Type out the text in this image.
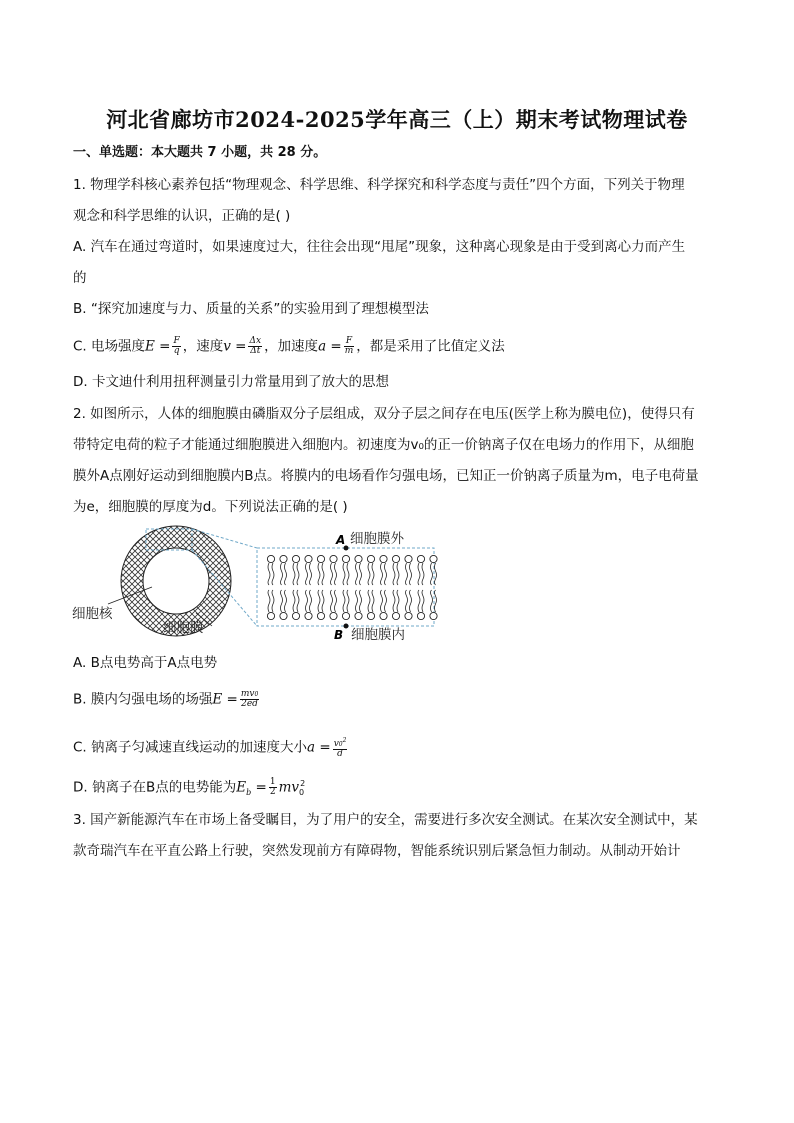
河北省廊坊市2024-2025学年高三（上）期末考试物理试卷
一、单选题：本大题共 7 小题，共 28 分。
1. 物理学科核心素养包括“物理观念、科学思维、科学探究和科学态度与责任”四个方面，下列关于物理
观念和科学思维的认识，正确的是( )
A. 汽车在通过弯道时，如果速度过大，往往会出现“甩尾”现象，这种离心现象是由于受到离心力而产生
的
B. “探究加速度与力、质量的关系”的实验用到了理想模型法
C. 电场强度$E = \frac{F}{q}$ ，速度$v = \frac{\Delta x}{\Delta t}$ ，加速度$a = \frac{F}{m}$ ，都是采用了比值定义法
D. 卡文迪什利用扭秤测量引力常量用到了放大的思想
2. 如图所示，人体的细胞膜由磷脂双分子层组成，双分子层之间存在电压(医学上称为膜电位)，使得只有
带特定电荷的粒子才能通过细胞膜进入细胞内。初速度为v₀的正一价钠离子仅在电场力的作用下，从细胞
膜外A点刚好运动到细胞膜内B点。将膜内的电场看作匀强电场，已知正一价钠离子质量为m，电子电荷量
为e，细胞膜的厚度为d。下列说法正确的是( )
A 细胞膜外
B 细胞膜内
细胞核
细胞膜
A. B点电势高于A点电势
B. 膜内匀强电场的场强$E = \frac{mv0}{2ed}$
C. 钠离子匀减速直线运动的加速度大小$a = \frac{v0^2}{d}$
D. 钠离子在B点的电势能为$E_b = \frac{1}{2} mv_0^2$
3. 国产新能源汽车在市场上备受瞩目，为了用户的安全，需要进行多次安全测试。在某次安全测试中，某
款奇瑞汽车在平直公路上行驶，突然发现前方有障碍物，智能系统识别后紧急恒力制动。从制动开始计
